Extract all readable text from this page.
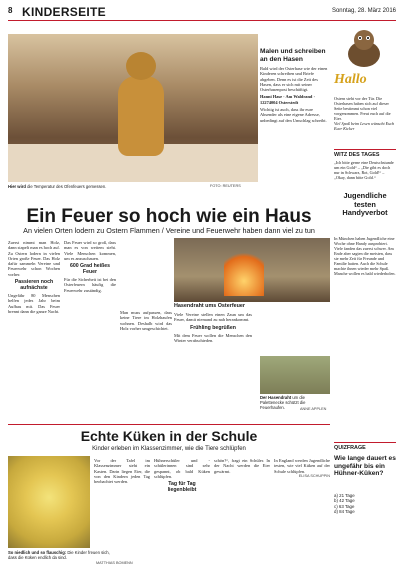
8 KINDERSEITE	Sonntag, 28. März 2016
Hier wird die Temperatur des Ofenfeuers gemessen.	FOTO: REUTERS
Malen und schreiben an den Hasen

Bald wird der Osterhase wie der einen Kinderen schreiben und Briefe abgeben. Denn es ist die Zeit des Hasen, dass er sich mit seiner Osterhasenpost beschäftigt.

Hanni Hase · Am Waldrand · 12274004 Osterstedt

Wichtig ist auch, dass ihr eure Absender als eine eigene Adresse, unbedingt auf den Umschlag schreibt.

Hallo
Ostern steht vor der Tür. Die Osterhasen haben sich auf dieser Seite bestimmt schon viel vorgenommen. Freut euch auf die Eier.
Viel Spaß beim Lesen wünscht Euch Euer Kicker
WITZ DES TAGES
„Ich bitte gerne eine Deutschstunde um ein Gold“ – „Die gibt es doch nur in Schwarz, Rot, Gold!“ – „Okay, dann bitte Gold.“
Jugendliche testen Handyverbot
In München haben Jugendliche eine Woche ohne Handy ausprobiert. Viele fanden das zuerst schwer. Am Ende aber sagten die meisten, dass sie mehr Zeit für Freunde und Familie hatten. Auch die Schule machte ihnen wieder mehr Spaß. Manche wollen es bald wiederholen.
QUIZFRAGE
Wie lange dauert es ungefähr bis ein Hühner-Küken?
a) 21 Tage
b) 42 Tage
c) 63 Tage
d) 84 Tage
Ein Feuer so hoch wie ein Haus
An vielen Orten lodern zu Ostern Flammen / Vereine und Feuerwehr haben dann viel zu tun
Zuerst nimmt man Holz, dann stapelt man es hoch auf. Zu Ostern lodern in vielen Orten große Feuer. Das Holz dafür sammeln Vereine und Feuerwehr schon Wochen vorher.
Passieren noch aufnächste
Ungefähr 80 Menschen helfen jedes Jahr beim Aufbau mit. Das Feuer brennt dann die ganze Nacht.
Das Feuer wird so groß, dass man es von weitem sieht. Viele Menschen kommen, um es anzuschauen.
600 Grad heißes Feuer
Für die Sicherheit ist bei den Osterfeuern häufig die Feuerwehr zuständig.
Man muss aufpassen, dass keine Tiere im Holzhaufen wohnen. Deshalb wird das Holz vorher umgeschichtet.
Hasendraht ums Osterfeuer
Viele Vereine stellen einen Zaun um das Feuer, damit niemand zu nah herankommt.
Frühling begrüßen
Mit dem Feuer wollen die Menschen den Winter verabschieden.
Der Hasendraht um die Palettenecke schützt die Feuerhaufen.	ANNE APPLEN
Echte Küken in der Schule
Kinder erleben im Klassenzimmer, wie die Tiere schlüpfen
So niedlich und so flauschig: Die Kinder freuen sich, dass die Küken endlich da sind.
MATTHIAS BOMENN
Vor der Tafel im Klassenzimmer steht ein Kasten. Darin liegen Eier, die von den Kindern jeden Tag beobachtet werden.
Hühnerschüler und -schülerinnen sind sehr gespannt, ob bald Küken schlüpfen.
Tag für Tag liegenbleibt
schön?“, fragt ein Schüler. In der Nacht werden die Eier gewärmt.
In England werden Jugendliche testen, wie viel Küken auf der Schule schlüpfen.
ELISA SCHUPPIN
